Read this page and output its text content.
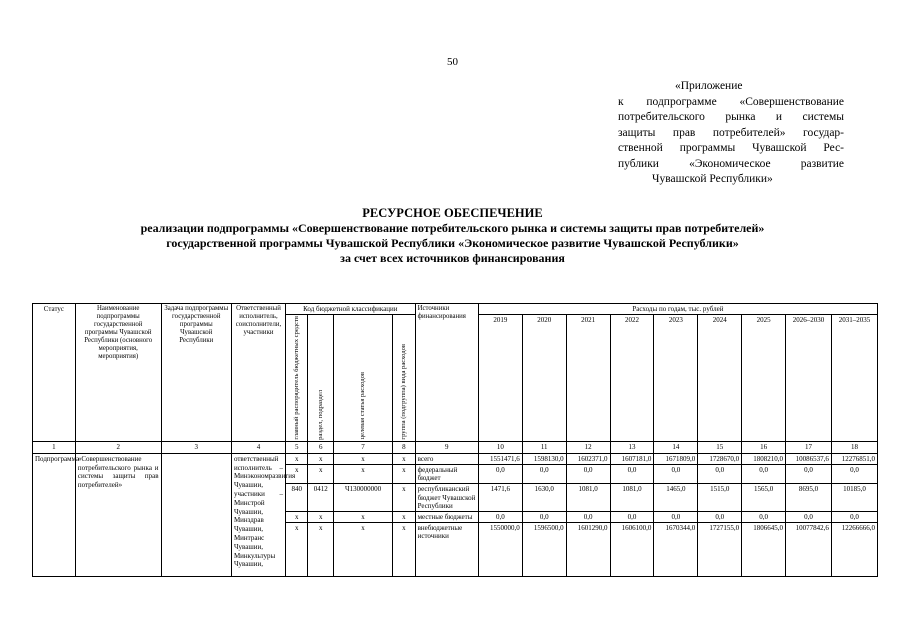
50
«Приложение
к подпрограмме «Совершенствование
потребительского рынка и системы
защиты прав потребителей» государ-
ственной программы Чувашской Рес-
публики «Экономическое развитие
Чувашской Республики»
РЕСУРСНОЕ ОБЕСПЕЧЕНИЕ
реализации подпрограммы «Совершенствование потребительского рынка и системы защиты прав потребителей»
государственной программы Чувашской Республики «Экономическое развитие Чувашской Республики»
за счет всех источников финансирования
Статус	Наименование подпрограммы государственной программы Чувашской Республики (основного мероприятия, мероприятия)	Задача подпрограммы государственной программы Чувашской Республики	Ответственный исполнитель, соисполнители, участники	Код бюджетной классификации				Источники финансирования	Расходы по годам, тыс. рублей								

				главный распорядитель бюджетных средств	раздел, подраздел	целевая статья расходов	группа (подгруппа) вида расходов		2019	2020	2021	2022	2023	2024	2025	2026–2030	2031–2035
1	2	3	4	5	6	7	8	9	10	11	12	13	14	15	16	17	18
Подпрограмма	«Совершенствование потребительского рынка и системы защиты прав потребителей»		ответственный исполнитель – Минэкономразвития Чувашии, участники – Минстрой Чувашии, Минздрав Чувашии, Минтранс Чувашии, Минкультуры Чувашии,	x	x	x	x	всего	1551471,6	1598130,0	1602371,0	1607181,0	1671809,0	1728670,0	1808210,0	10086537,6	12276851,0
				x	x	x	x	федеральный бюджет	0,0	0,0	0,0	0,0	0,0	0,0	0,0	0,0	0,0
				840	0412	Ч130000000	x	республиканский бюджет Чувашской Республики	1471,6	1630,0	1081,0	1081,0	1465,0	1515,0	1565,0	8695,0	10185,0
				x	x	x	x	местные бюджеты	0,0	0,0	0,0	0,0	0,0	0,0	0,0	0,0	0,0
				x	x	x	x	внебюджетные источники	1550000,0	1596500,0	1601290,0	1606100,0	1670344,0	1727155,0	1806645,0	10077842,6	12266666,0
